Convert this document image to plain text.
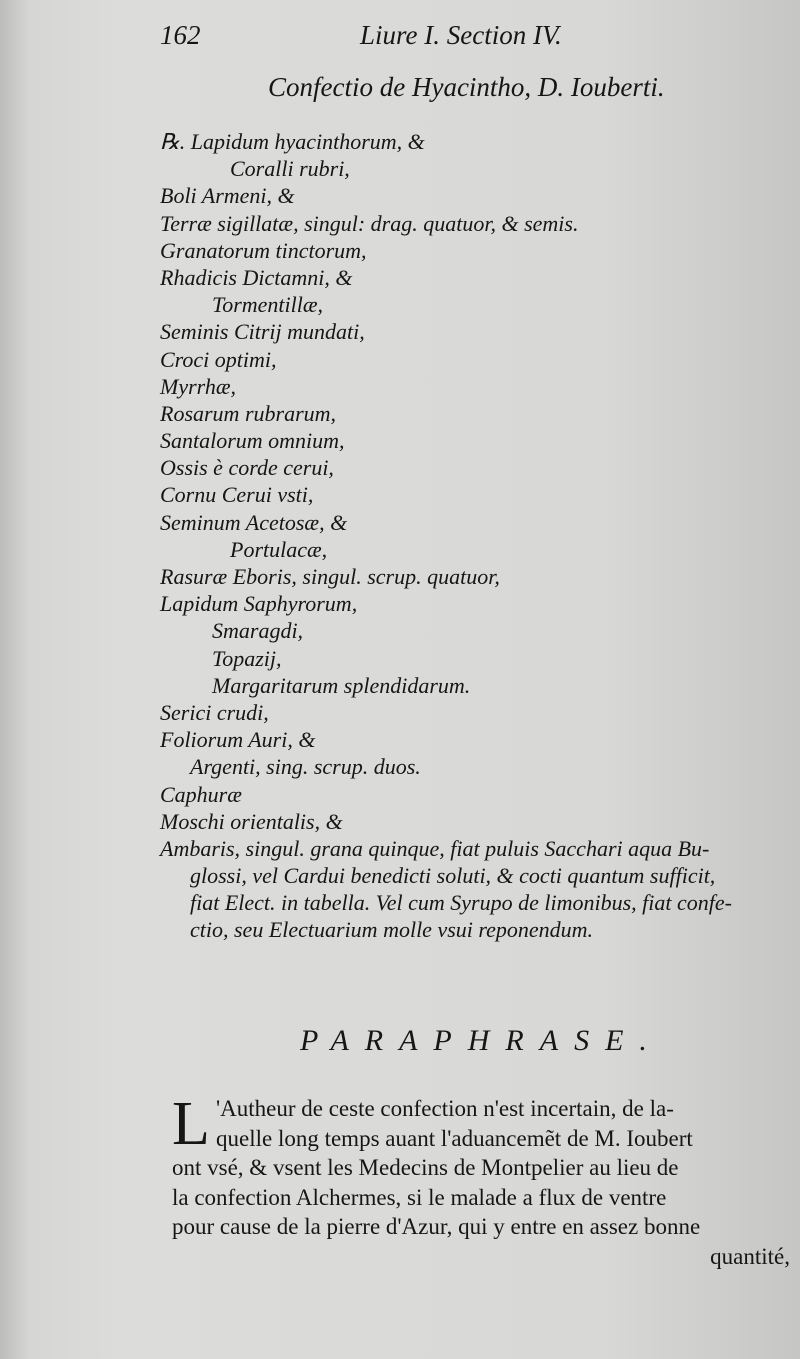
162	Liure I. Section IV.
Confectio de Hyacintho, D. Iouberti.
℞. Lapidum hyacinthorum, &
Coralli rubri,
Boli Armeni, &
Terræ sigillatæ, singul: drag. quatuor, & semis.
Granatorum tinctorum,
Rhadicis Dictamni, &
Tormentillæ,
Seminis Citrij mundati,
Croci optimi,
Myrrhæ,
Rosarum rubrarum,
Santalorum omnium,
Ossis è corde cerui,
Cornu Cerui vsti,
Seminum Acetosæ, &
Portulacæ,
Rasuræ Eboris, singul. scrup. quatuor,
Lapidum Saphyrorum,
Smaragdi,
Topazij,
Margaritarum splendidarum.
Serici crudi,
Foliorum Auri, &
Argenti, sing. scrup. duos.
Caphuræ
Moschi orientalis, &
Ambaris, singul. grana quinque, fiat puluis Sacchari aqua Bu-
glossi, vel Cardui benedicti soluti, & cocti quantum sufficit,
fiat Elect. in tabella. Vel cum Syrupo de limonibus, fiat confe-
ctio, seu Electuarium molle vsui reponendum.
PARAPHRASE.
L 'Autheur de ceste confection n'est incertain, de la-
quelle long temps auant l'aduancemẽt de M. Ioubert
ont vsé, & vsent les Medecins de Montpelier au lieu de
la confection Alchermes, si le malade a flux de ventre
pour cause de la pierre d'Azur, qui y entre en assez bonne
quantité,
